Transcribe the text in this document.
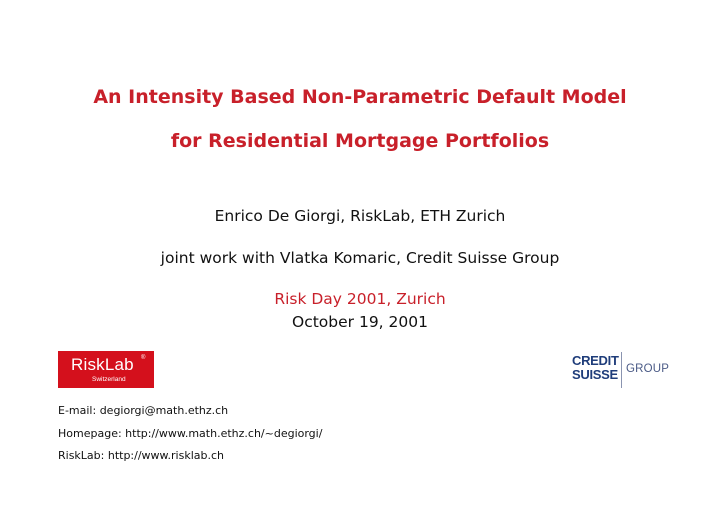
An Intensity Based Non-Parametric Default Model
for Residential Mortgage Portfolios
Enrico De Giorgi, RiskLab, ETH Zurich
joint work with Vlatka Komaric, Credit Suisse Group
Risk Day 2001, Zurich
October 19, 2001
RiskLab ®
Switzerland
CREDIT
SUISSE GROUP
E-mail: degiorgi@math.ethz.ch
Homepage: http://www.math.ethz.ch/~degiorgi/
RiskLab: http://www.risklab.ch
